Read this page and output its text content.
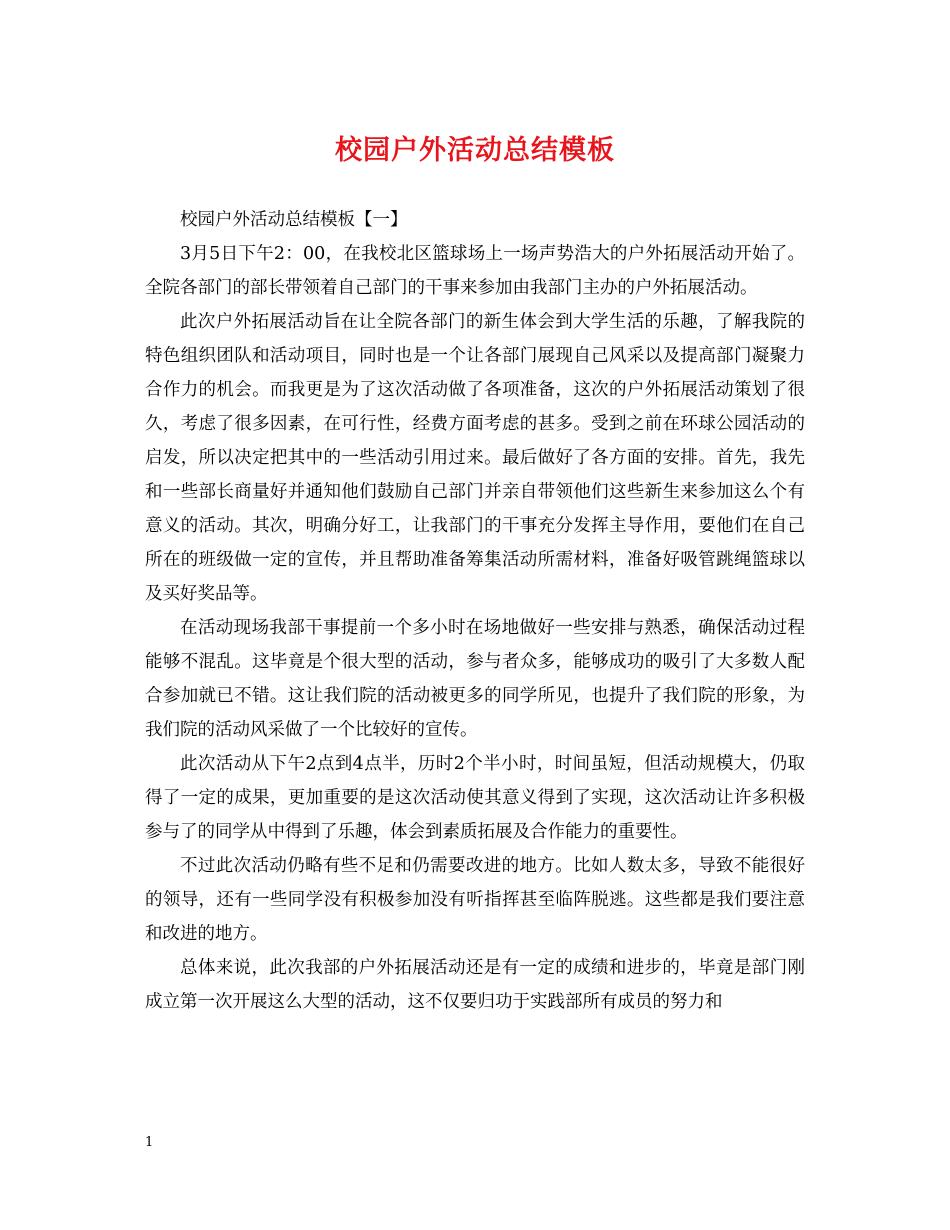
校园户外活动总结模板

校园户外活动总结模板【一】

3月5日下午2：00，在我校北区篮球场上一场声势浩大的户外拓展活动开始了。全院各部门的部长带领着自己部门的干事来参加由我部门主办的户外拓展活动。

此次户外拓展活动旨在让全院各部门的新生体会到大学生活的乐趣，了解我院的特色组织团队和活动项目，同时也是一个让各部门展现自己风采以及提高部门凝聚力合作力的机会。而我更是为了这次活动做了各项准备，这次的户外拓展活动策划了很久，考虑了很多因素，在可行性，经费方面考虑的甚多。受到之前在环球公园活动的启发，所以决定把其中的一些活动引用过来。最后做好了各方面的安排。首先，我先和一些部长商量好并通知他们鼓励自己部门并亲自带领他们这些新生来参加这么个有意义的活动。其次，明确分好工，让我部门的干事充分发挥主导作用，要他们在自己所在的班级做一定的宣传，并且帮助准备筹集活动所需材料，准备好吸管跳绳篮球以及买好奖品等。

在活动现场我部干事提前一个多小时在场地做好一些安排与熟悉，确保活动过程能够不混乱。这毕竟是个很大型的活动，参与者众多，能够成功的吸引了大多数人配合参加就已不错。这让我们院的活动被更多的同学所见，也提升了我们院的形象，为我们院的活动风采做了一个比较好的宣传。

此次活动从下午2点到4点半，历时2个半小时，时间虽短，但活动规模大，仍取得了一定的成果，更加重要的是这次活动使其意义得到了实现，这次活动让许多积极参与了的同学从中得到了乐趣，体会到素质拓展及合作能力的重要性。

不过此次活动仍略有些不足和仍需要改进的地方。比如人数太多，导致不能很好的领导，还有一些同学没有积极参加没有听指挥甚至临阵脱逃。这些都是我们要注意和改进的地方。

总体来说，此次我部的户外拓展活动还是有一定的成绩和进步的，毕竟是部门刚成立第一次开展这么大型的活动，这不仅要归功于实践部所有成员的努力和

1
